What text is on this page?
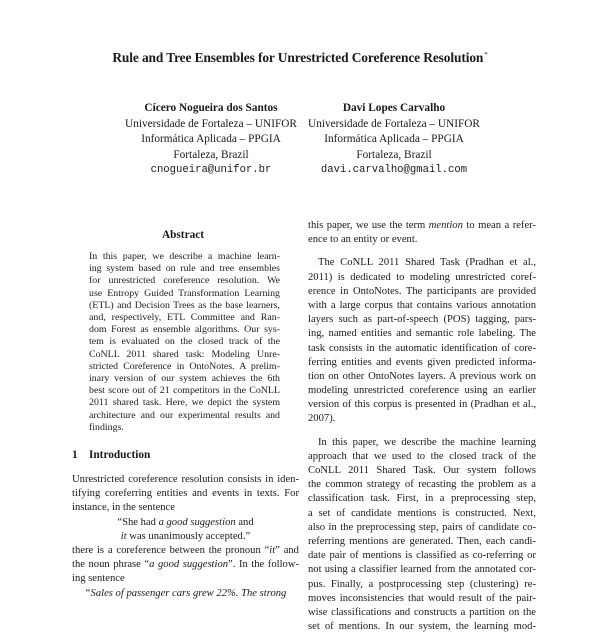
Rule and Tree Ensembles for Unrestricted Coreference Resolution*
Cícero Nogueira dos Santos
Universidade de Fortaleza – UNIFOR
Informática Aplicada – PPGIA
Fortaleza, Brazil
cnogueira@unifor.br
Davi Lopes Carvalho
Universidade de Fortaleza – UNIFOR
Informática Aplicada – PPGIA
Fortaleza, Brazil
davi.carvalho@gmail.com
Abstract
In this paper, we describe a machine learn-
ing system based on rule and tree ensembles
for unrestricted coreference resolution. We
use Entropy Guided Transformation Learning
(ETL) and Decision Trees as the base learners,
and, respectively, ETL Committee and Ran-
dom Forest as ensemble algorithms. Our sys-
tem is evaluated on the closed track of the
CoNLL 2011 shared task: Modeling Unre-
stricted Coreference in OntoNotes. A prelim-
inary version of our system achieves the 6th
best score out of 21 competitors in the CoNLL
2011 shared task. Here, we depict the system
architecture and our experimental results and
findings.
1 Introduction
Unrestricted coreference resolution consists in iden-
tifying coreferring entities and events in texts. For
instance, in the sentence
“She had a good suggestion and
it was unanimously accepted.”
there is a coreference between the pronoun “it” and
the noun phrase “a good suggestion”. In the follow-
ing sentence
“Sales of passenger cars grew 22%. The strong
this paper, we use the term mention to mean a refer-
ence to an entity or event.
The CoNLL 2011 Shared Task (Pradhan et al.,
2011) is dedicated to modeling unrestricted coref-
erence in OntoNotes. The participants are provided
with a large corpus that contains various annotation
layers such as part-of-speech (POS) tagging, pars-
ing, named entities and semantic role labeling. The
task consists in the automatic identification of core-
ferring entities and events given predicted informa-
tion on other OntoNotes layers. A previous work on
modeling unrestricted coreference using an earlier
version of this corpus is presented in (Pradhan et al.,
2007).
In this paper, we describe the machine learning
approach that we used to the closed track of the
CoNLL 2011 Shared Task. Our system follows
the common strategy of recasting the problem as a
classification task. First, in a preprocessing step,
a set of candidate mentions is constructed. Next,
also in the preprocessing step, pairs of candidate co-
referring mentions are generated. Then, each candi-
date pair of mentions is classified as co-referring or
not using a classifier learned from the annotated cor-
pus. Finally, a postprocessing step (clustering) re-
moves inconsistencies that would result of the pair-
wise classifications and constructs a partition on the
set of mentions. In our system, the learning mod-
